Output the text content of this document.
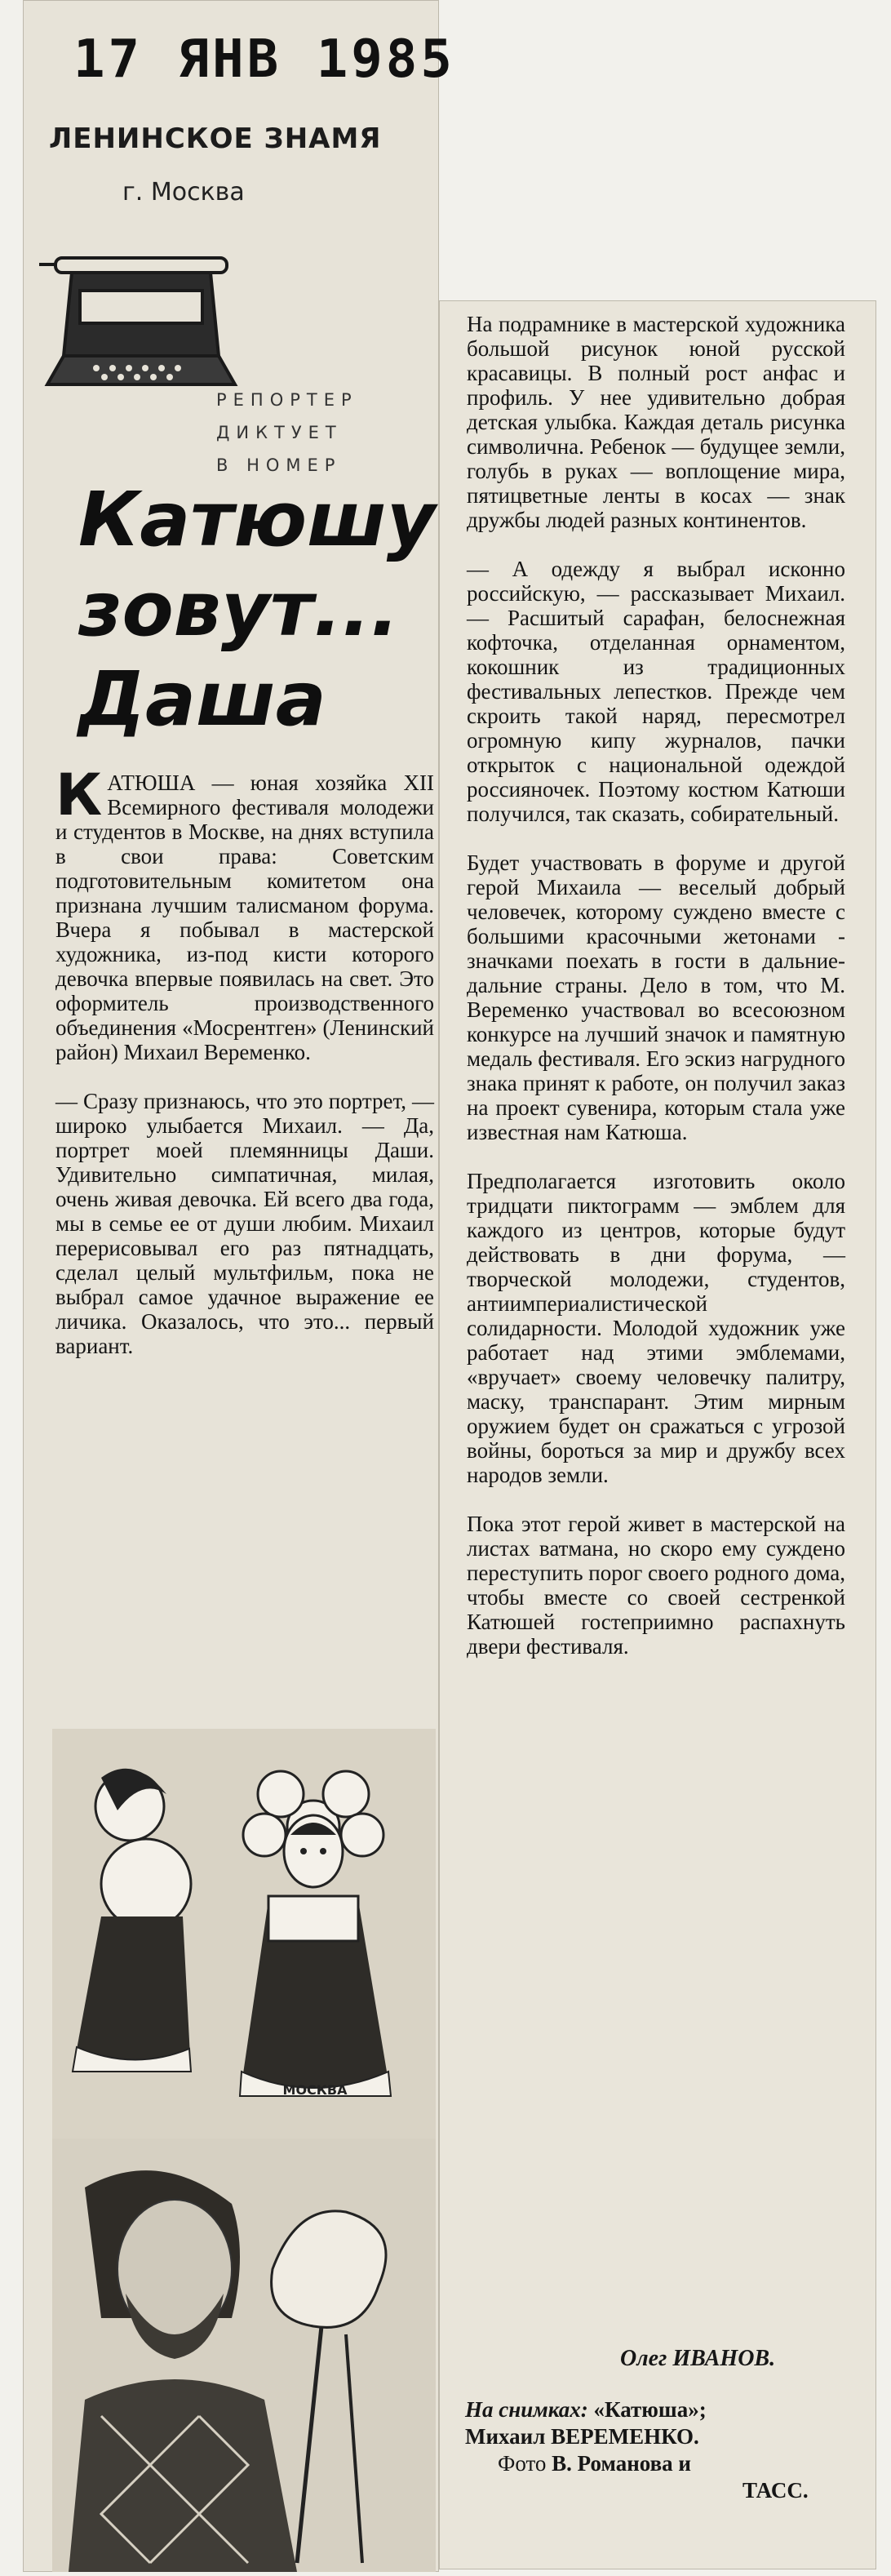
17 ЯНВ 1985
ЛЕНИНСКОЕ ЗНАМЯ
г. Москва
РЕПОРТЕР
ДИКТУЕТ
В НОМЕР
Катюшу
зовут...
Даша

КАТЮША — юная хозяйка XII Всемирного фестиваля молодежи и студентов в Москве, на днях вступила в свои права: Советским подготовительным комитетом она признана лучшим талисманом форума. Вчера я побывал в мастерской художника, из-под кисти которого девочка впервые появилась на свет. Это оформитель производственного объединения «Мосрентген» (Ленинский район) Михаил Веременко.

— Сразу признаюсь, что это портрет, — широко улыбается Михаил. — Да, портрет моей племянницы Даши. Удивительно симпатичная, милая, очень живая девочка. Ей всего два года, мы в семье ее от души любим. Михаил перерисовывал его раз пятнадцать, сделал целый мультфильм, пока не выбрал самое удачное выражение ее личика. Оказалось, что это... первый вариант.

МОСКВА

На подрамнике в мастерской художника большой рисунок юной русской красавицы. В полный рост анфас и профиль. У нее удивительно добрая детская улыбка. Каждая деталь рисунка символична. Ребенок — будущее земли, голубь в руках — воплощение мира, пятицветные ленты в косах — знак дружбы людей разных континентов.

— А одежду я выбрал исконно российскую, — рассказывает Михаил. — Расшитый сарафан, белоснежная кофточка, отделанная орнаментом, кокошник из традиционных фестивальных лепестков. Прежде чем скроить такой наряд, пересмотрел огромную кипу журналов, пачки открыток с национальной одеждой россияночек. Поэтому костюм Катюши получился, так сказать, собирательный.

Будет участвовать в форуме и другой герой Михаила — веселый добрый человечек, которому суждено вместе с большими красочными жетонами - значками поехать в гости в дальние-дальние страны. Дело в том, что М. Веременко участвовал во всесоюзном конкурсе на лучший значок и памятную медаль фестиваля. Его эскиз нагрудного знака принят к работе, он получил заказ на проект сувенира, которым стала уже известная нам Катюша.

Предполагается изготовить около тридцати пиктограмм — эмблем для каждого из центров, которые будут действовать в дни форума, — творческой молодежи, студентов, антиимпериалистической солидарности. Молодой художник уже работает над этими эмблемами, «вручает» своему человечку палитру, маску, транспарант. Этим мирным оружием будет он сражаться с угрозой войны, бороться за мир и дружбу всех народов земли.

Пока этот герой живет в мастерской на листах ватмана, но скоро ему суждено переступить порог своего родного дома, чтобы вместе со своей сестренкой Катюшей гостеприимно распахнуть двери фестиваля.

Олег ИВАНОВ.
На снимках: «Катюша»;
Михаил ВЕРЕМЕНКО.
Фото В. Романова и
ТАСС.
